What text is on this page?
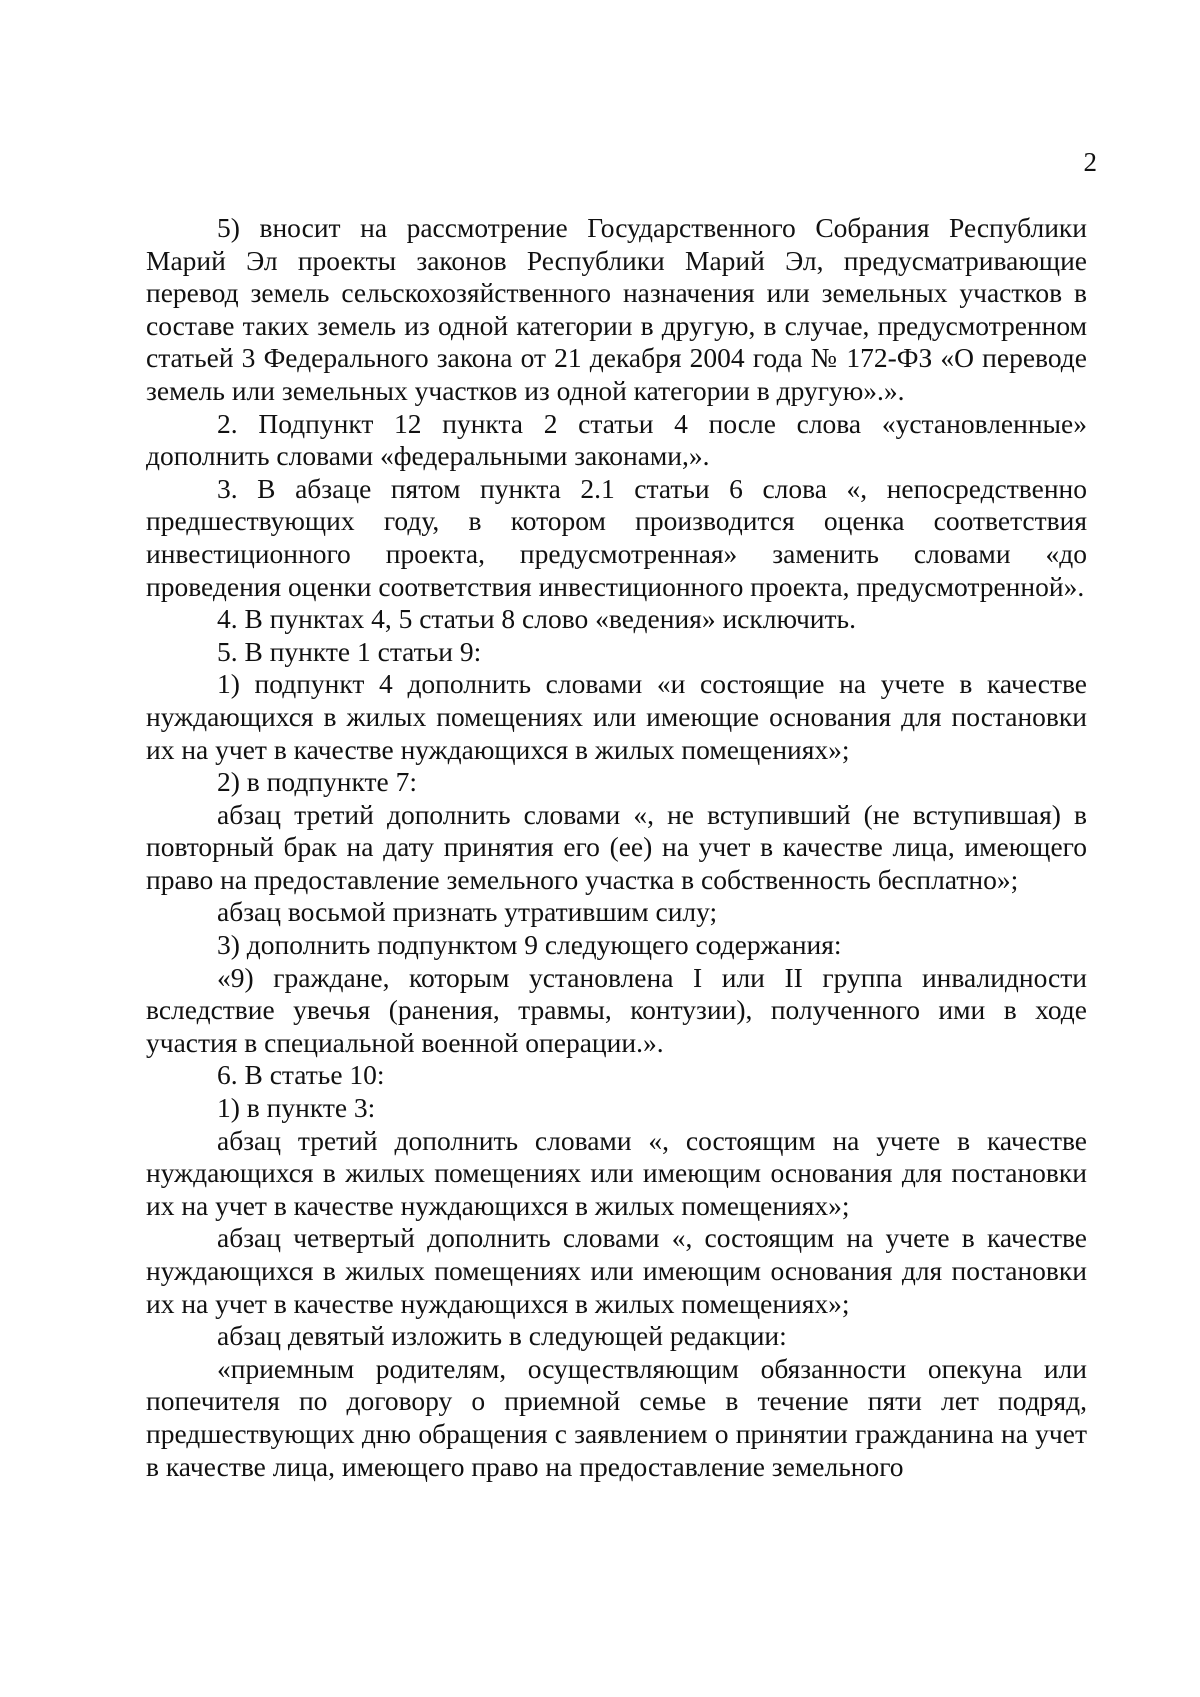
2

5) вносит на рассмотрение Государственного Собрания Республики Марий Эл проекты законов Республики Марий Эл, предусматривающие перевод земель сельскохозяйственного назначения или земельных участков в составе таких земель из одной категории в другую, в случае, предусмотренном статьей 3 Федерального закона от 21 декабря 2004 года № 172-ФЗ «О переводе земель или земельных участков из одной категории в другую».».

2. Подпункт 12 пункта 2 статьи 4 после слова «установленные» дополнить словами «федеральными законами,».

3. В абзаце пятом пункта 2.1 статьи 6 слова «, непосредственно предшествующих году, в котором производится оценка соответствия инвестиционного проекта, предусмотренная» заменить словами «до проведения оценки соответствия инвестиционного проекта, предусмотренной».

4. В пунктах 4, 5 статьи 8 слово «ведения» исключить.

5. В пункте 1 статьи 9:

1) подпункт 4 дополнить словами «и состоящие на учете в качестве нуждающихся в жилых помещениях или имеющие основания для постановки их на учет в качестве нуждающихся в жилых помещениях»;

2) в подпункте 7:

абзац третий дополнить словами «, не вступивший (не вступившая) в повторный брак на дату принятия его (ее) на учет в качестве лица, имеющего право на предоставление земельного участка в собственность бесплатно»;

абзац восьмой признать утратившим силу;

3) дополнить подпунктом 9 следующего содержания:

«9) граждане, которым установлена I или II группа инвалидности вследствие увечья (ранения, травмы, контузии), полученного ими в ходе участия в специальной военной операции.».

6. В статье 10:

1) в пункте 3:

абзац третий дополнить словами «, состоящим на учете в качестве нуждающихся в жилых помещениях или имеющим основания для постановки их на учет в качестве нуждающихся в жилых помещениях»;

абзац четвертый дополнить словами «, состоящим на учете в качестве нуждающихся в жилых помещениях или имеющим основания для постановки их на учет в качестве нуждающихся в жилых помещениях»;

абзац девятый изложить в следующей редакции:

«приемным родителям, осуществляющим обязанности опекуна или попечителя по договору о приемной семье в течение пяти лет подряд, предшествующих дню обращения с заявлением о принятии гражданина на учет в качестве лица, имеющего право на предоставление земельного
